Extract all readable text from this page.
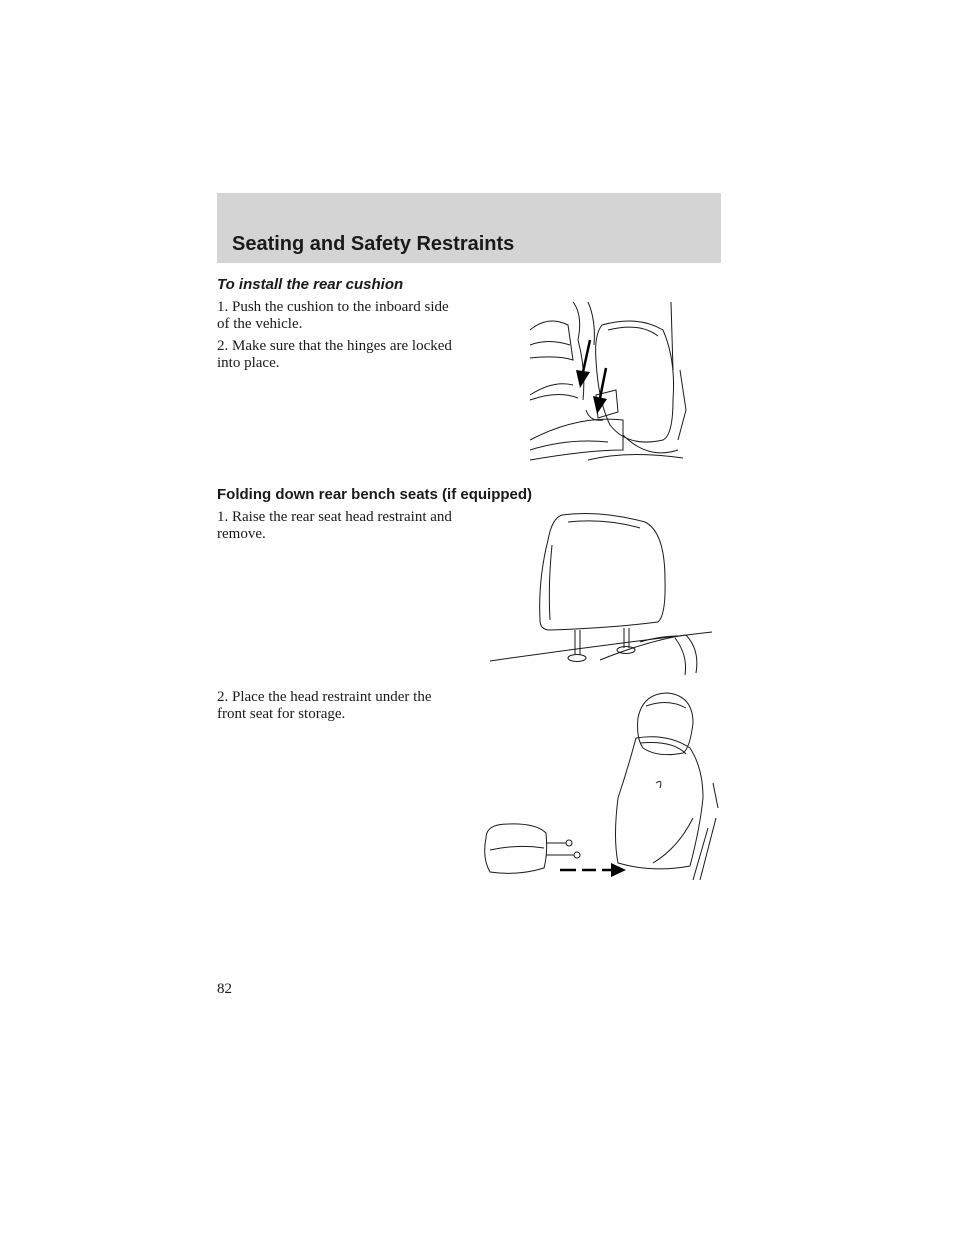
Seating and Safety Restraints
To install the rear cushion
1. Push the cushion to the inboard side of the vehicle.
2. Make sure that the hinges are locked into place.
Folding down rear bench seats (if equipped)
1. Raise the rear seat head restraint and remove.
2. Place the head restraint under the front seat for storage.
82
